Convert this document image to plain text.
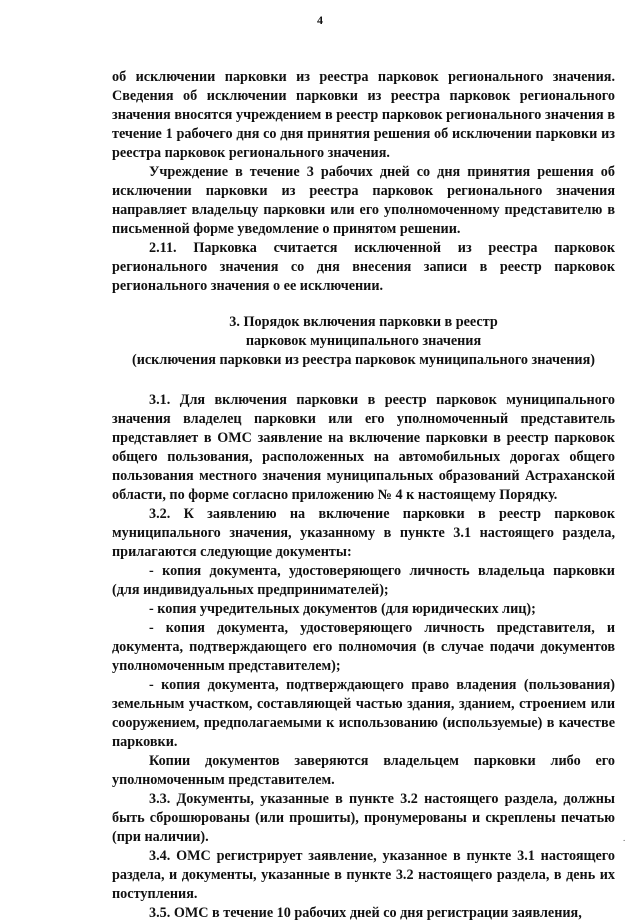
4

об исключении парковки из реестра парковок регионального значения. Сведения об исключении парковки из реестра парковок регионального значения вносятся учреждением в реестр парковок регионального значения в течение 1 рабочего дня со дня принятия решения об исключении парковки из реестра парковок регионального значения.

Учреждение в течение 3 рабочих дней со дня принятия решения об исключении парковки из реестра парковок регионального значения направляет владельцу парковки или его уполномоченному представителю в письменной форме уведомление о принятом решении.

2.11. Парковка считается исключенной из реестра парковок регионального значения со дня внесения записи в реестр парковок регионального значения о ее исключении.

3. Порядок включения парковки в реестр
парковок муниципального значения
(исключения парковки из реестра парковок муниципального значения)

3.1. Для включения парковки в реестр парковок муниципального значения владелец парковки или его уполномоченный представитель представляет в ОМС заявление на включение парковки в реестр парковок общего пользования, расположенных на автомобильных дорогах общего пользования местного значения муниципальных образований Астраханской области, по форме согласно приложению № 4 к настоящему Порядку.

3.2. К заявлению на включение парковки в реестр парковок муниципального значения, указанному в пункте 3.1 настоящего раздела, прилагаются следующие документы:

- копия документа, удостоверяющего личность владельца парковки (для индивидуальных предпринимателей);

- копия учредительных документов (для юридических лиц);

- копия документа, удостоверяющего личность представителя, и документа, подтверждающего его полномочия (в случае подачи документов уполномоченным представителем);

- копия документа, подтверждающего право владения (пользования) земельным участком, составляющей частью здания, зданием, строением или сооружением, предполагаемыми к использованию (используемые) в качестве парковки.

Копии документов заверяются владельцем парковки либо его уполномоченным представителем.

3.3. Документы, указанные в пункте 3.2 настоящего раздела, должны быть сброшюрованы (или прошиты), пронумерованы и скреплены печатью (при наличии).

3.4. ОМС регистрирует заявление, указанное в пункте 3.1 настоящего раздела, и документы, указанные в пункте 3.2 настоящего раздела, в день их поступления.

3.5. ОМС в течение 10 рабочих дней со дня регистрации заявления,

.
